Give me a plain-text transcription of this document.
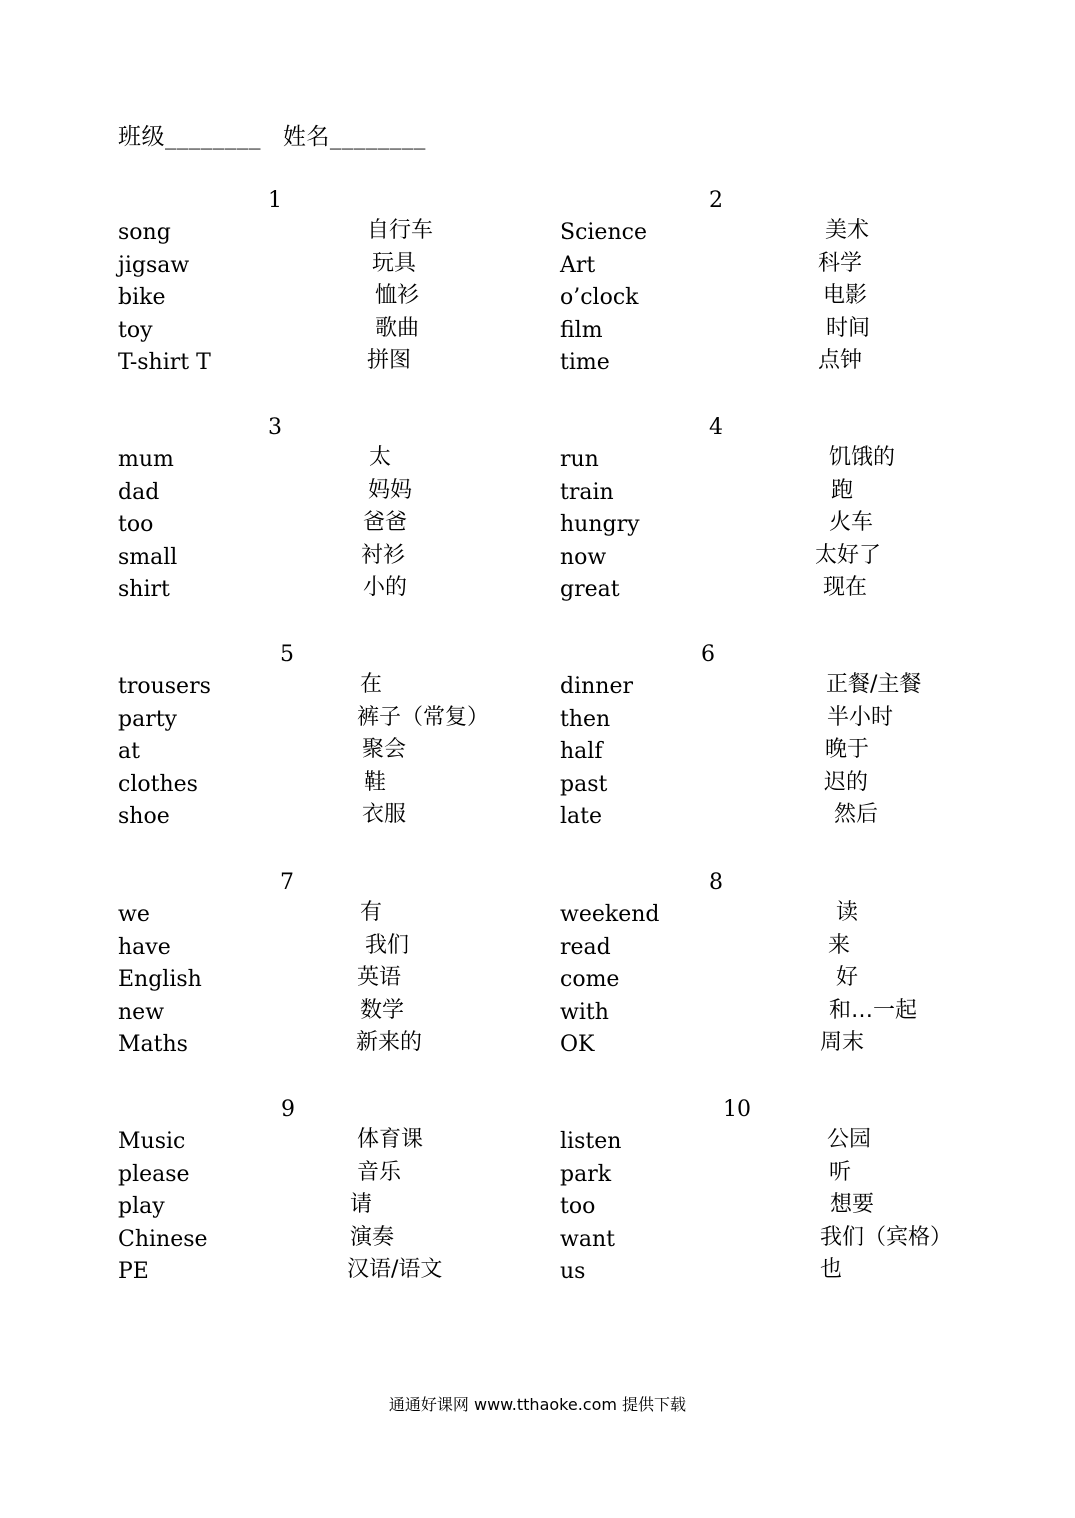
班级________ 姓名________
1
song	自行车
jigsaw	玩具
bike	恤衫
toy	歌曲
T-shirt T	拼图
2
Science	美术
Art	科学
o’clock	电影
film	时间
time	点钟
3
mum	太
dad	妈妈
too	爸爸
small	衬衫
shirt	小的
4
run	饥饿的
train	跑
hungry	火车
now	太好了
great	现在
5
trousers	在
party	裤子（常复）
at	聚会
clothes	鞋
shoe	衣服
6
dinner	正餐/主餐
then	半小时
half	晚于
past	迟的
late	然后
7
we	有
have	我们
English	英语
new	数学
Maths	新来的
8
weekend	读
read	来
come	好
with	和…一起
OK	周末
9
Music	体育课
please	音乐
play	请
Chinese	演奏
PE	汉语/语文
10
listen	公园
park	听
too	想要
want	我们（宾格）
us	也
通通好课网 www.tthaoke.com 提供下载
